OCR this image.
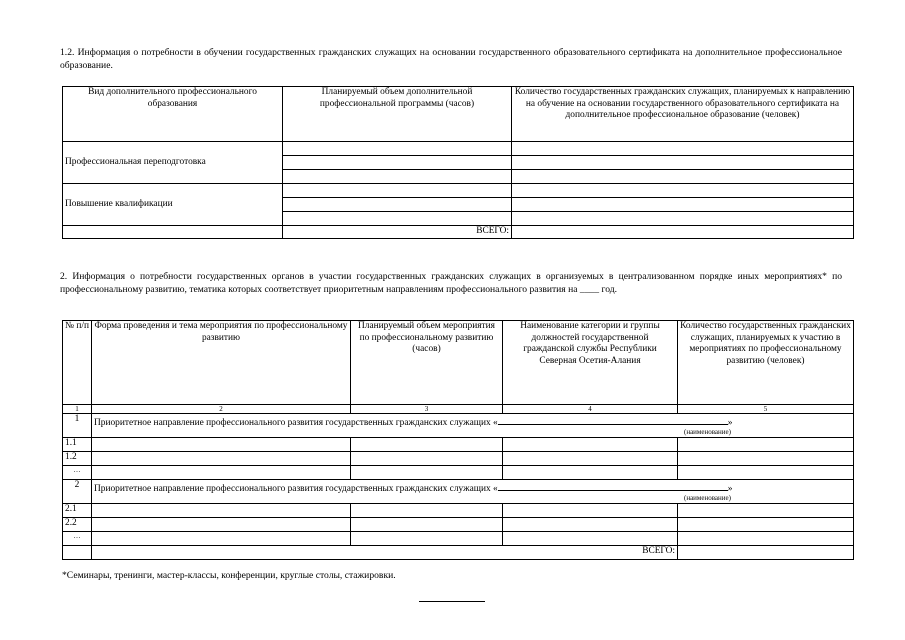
1.2. Информация о потребности в обучении государственных гражданских служащих на основании государственного образовательного сертификата на дополнительное профессиональное образование.
Вид дополнительного профессионального образования	Планируемый объем дополнительной профессиональной программы (часов)	Количество государственных гражданских служащих, планируемых к направлению на обучение на основании государственного образовательного сертификата на дополнительное профессиональное образование (человек)
Профессиональная переподготовка		

Повышение квалификации		

	ВСЕГО:	
2. Информация о потребности государственных органов в участии государственных гражданских служащих в организуемых в централизованном порядке иных мероприятиях* по профессиональному развитию, тематика которых соответствует приоритетным направлениям профессионального развития на ____ год.
№ п/п	Форма проведения и тема мероприятия по профессиональному развитию	Планируемый объем мероприятия по профессиональному развитию (часов)	Наименование категории и группы должностей государственной гражданской службы Республики Северная Осетия-Алания	Количество государственных гражданских служащих, планируемых к участию в мероприятиях по профессиональному развитию (человек)
1	2	3	4	5
1	Приоритетное направление профессионального развития государственных гражданских служащих « »
(наименование)			

1.1				
1.2				
…				
2	Приоритетное направление профессионального развития государственных гражданских служащих « »
(наименование)			

2.1				
2.2				
…				
	ВСЕГО:			
*Семинары, тренинги, мастер-классы, конференции, круглые столы, стажировки.
